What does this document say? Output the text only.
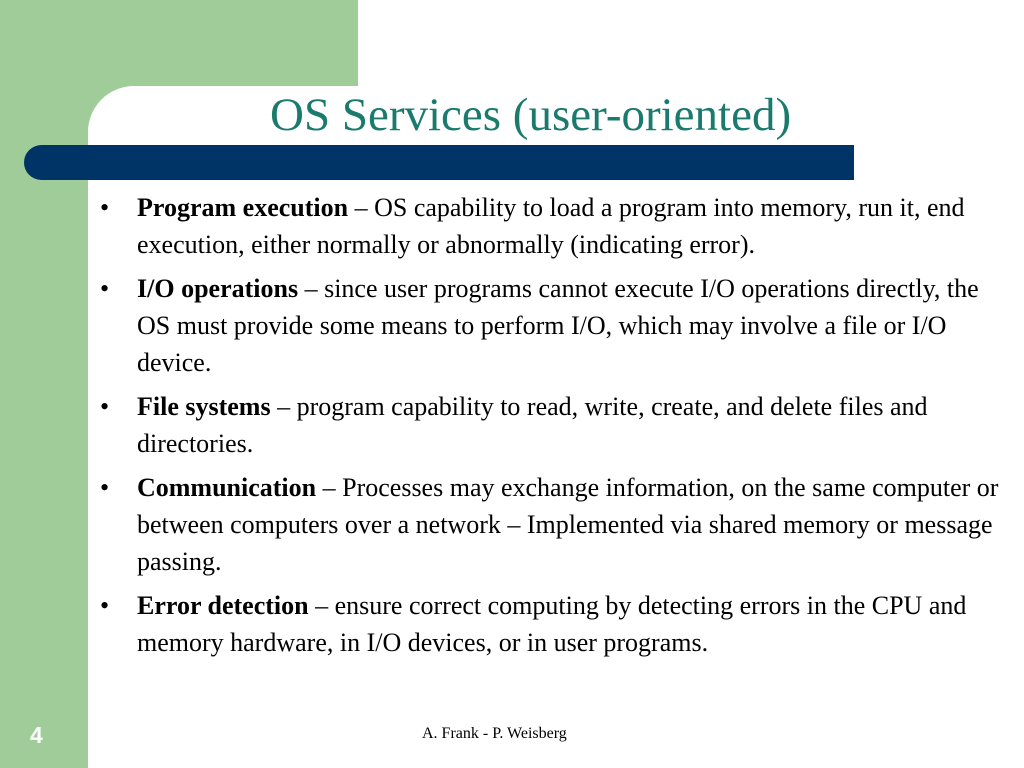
OS Services (user-oriented)
•	Program execution – OS capability to load a program into memory, run it, end execution, either normally or abnormally (indicating error).
•	I/O operations – since user programs cannot execute I/O operations directly, the OS must provide some means to perform I/O, which may involve a file or I/O device.
•	File systems – program capability to read, write, create, and delete files and directories.
•	Communication – Processes may exchange information, on the same computer or between computers over a network – Implemented via shared memory or message passing.
•	Error detection – ensure correct computing by detecting errors in the CPU and memory hardware, in I/O devices, or in user programs.
4	A. Frank - P. Weisberg
